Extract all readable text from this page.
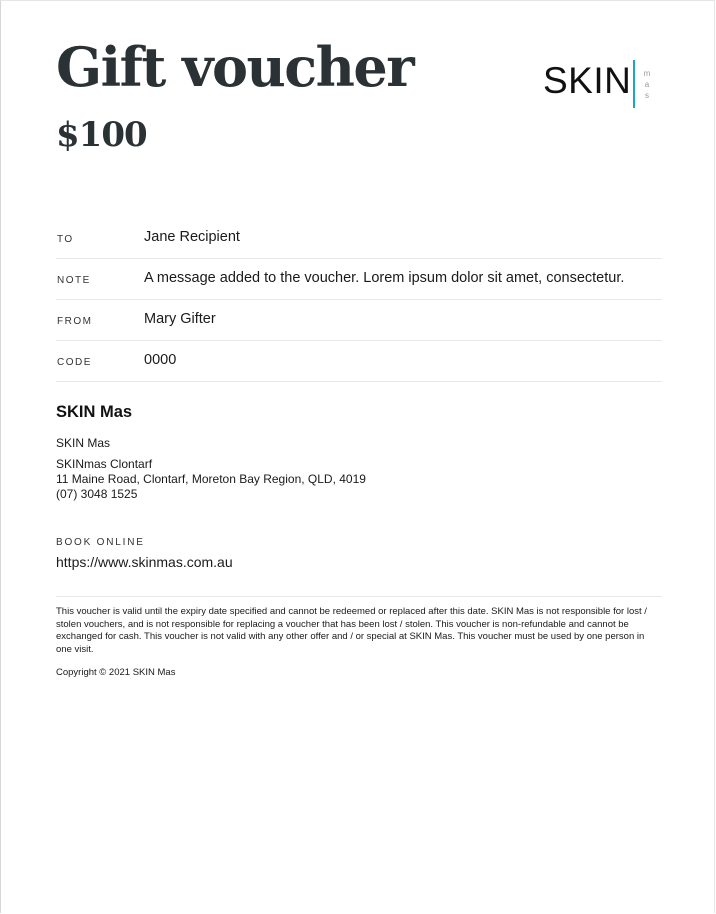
Gift voucher
$100
SKIN mas
TO	Jane Recipient
NOTE	A message added to the voucher. Lorem ipsum dolor sit amet, consectetur.
FROM	Mary Gifter
CODE	0000
SKIN Mas
SKIN Mas
SKINmas Clontarf
11 Maine Road, Clontarf, Moreton Bay Region, QLD, 4019
(07) 3048 1525
BOOK ONLINE
https://www.skinmas.com.au

This voucher is valid until the expiry date specified and cannot be redeemed or replaced after this date. SKIN Mas is not responsible for lost / stolen vouchers, and is not responsible for replacing a voucher that has been lost / stolen. This voucher is non-refundable and cannot be exchanged for cash. This voucher is not valid with any other offer and / or special at SKIN Mas. This voucher must be used by one person in one visit.

Copyright © 2021 SKIN Mas
